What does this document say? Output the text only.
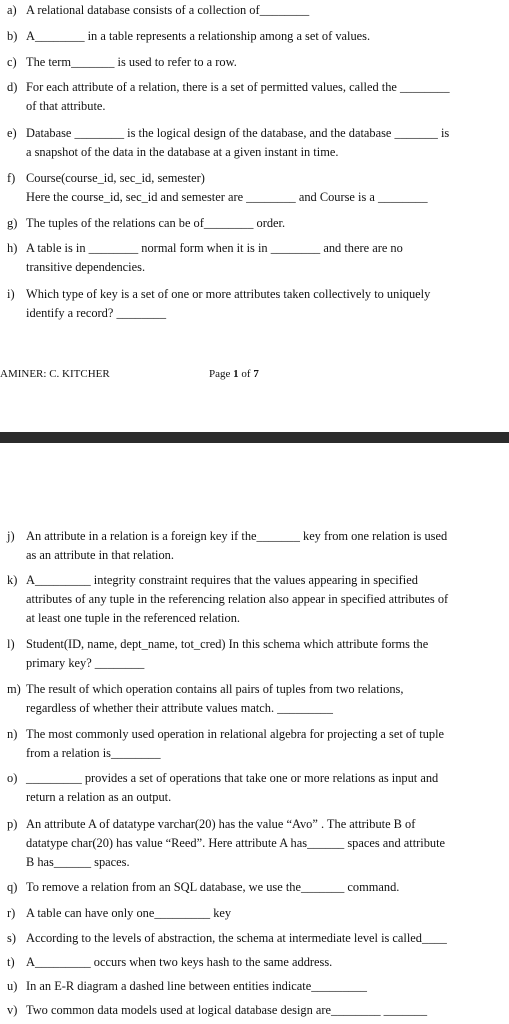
a) A relational database consists of a collection of________
b) A________ in a table represents a relationship among a set of values.
c) The term_______ is used to refer to a row.
d) For each attribute of a relation, there is a set of permitted values, called the ________
of that attribute.
e) Database ________ is the logical design of the database, and the database _______ is
a snapshot of the data in the database at a given instant in time.
f) Course(course_id, sec_id, semester)
Here the course_id, sec_id and semester are ________ and Course is a ________
g) The tuples of the relations can be of________ order.
h) A table is in ________ normal form when it is in ________ and there are no
transitive dependencies.
i) Which type of key is a set of one or more attributes taken collectively to uniquely
identify a record? ________
AMINER: C. KITCHER	Page 1 of 7
j) An attribute in a relation is a foreign key if the_______ key from one relation is used
as an attribute in that relation.
k) A_________ integrity constraint requires that the values appearing in specified
attributes of any tuple in the referencing relation also appear in specified attributes of
at least one tuple in the referenced relation.
l) Student(ID, name, dept_name, tot_cred) In this schema which attribute forms the
primary key? ________
m) The result of which operation contains all pairs of tuples from two relations,
regardless of whether their attribute values match. _________
n) The most commonly used operation in relational algebra for projecting a set of tuple
from a relation is________
o) _________ provides a set of operations that take one or more relations as input and
return a relation as an output.
p) An attribute A of datatype varchar(20) has the value “Avo” . The attribute B of
datatype char(20) has value “Reed”. Here attribute A has______ spaces and attribute
B has______ spaces.
q) To remove a relation from an SQL database, we use the_______ command.
r) A table can have only one_________ key
s) According to the levels of abstraction, the schema at intermediate level is called____
t) A_________ occurs when two keys hash to the same address.
u) In an E-R diagram a dashed line between entities indicate_________
v) Two common data models used at logical database design are________ _______
